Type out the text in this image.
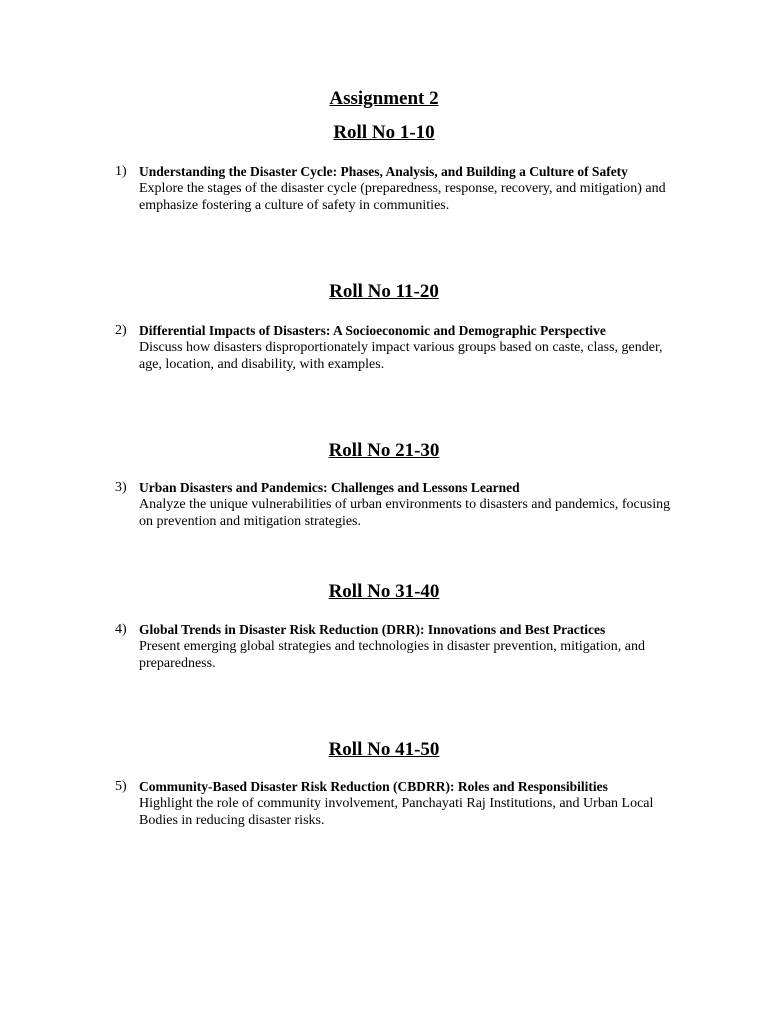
Assignment 2
Roll No 1-10
1) Understanding the Disaster Cycle: Phases, Analysis, and Building a Culture of Safety
Explore the stages of the disaster cycle (preparedness, response, recovery, and mitigation) and emphasize fostering a culture of safety in communities.
Roll No 11-20
2) Differential Impacts of Disasters: A Socioeconomic and Demographic Perspective
Discuss how disasters disproportionately impact various groups based on caste, class, gender, age, location, and disability, with examples.
Roll No 21-30
3) Urban Disasters and Pandemics: Challenges and Lessons Learned
Analyze the unique vulnerabilities of urban environments to disasters and pandemics, focusing on prevention and mitigation strategies.
Roll No 31-40
4) Global Trends in Disaster Risk Reduction (DRR): Innovations and Best Practices
Present emerging global strategies and technologies in disaster prevention, mitigation, and preparedness.
Roll No 41-50
5) Community-Based Disaster Risk Reduction (CBDRR): Roles and Responsibilities
Highlight the role of community involvement, Panchayati Raj Institutions, and Urban Local Bodies in reducing disaster risks.
